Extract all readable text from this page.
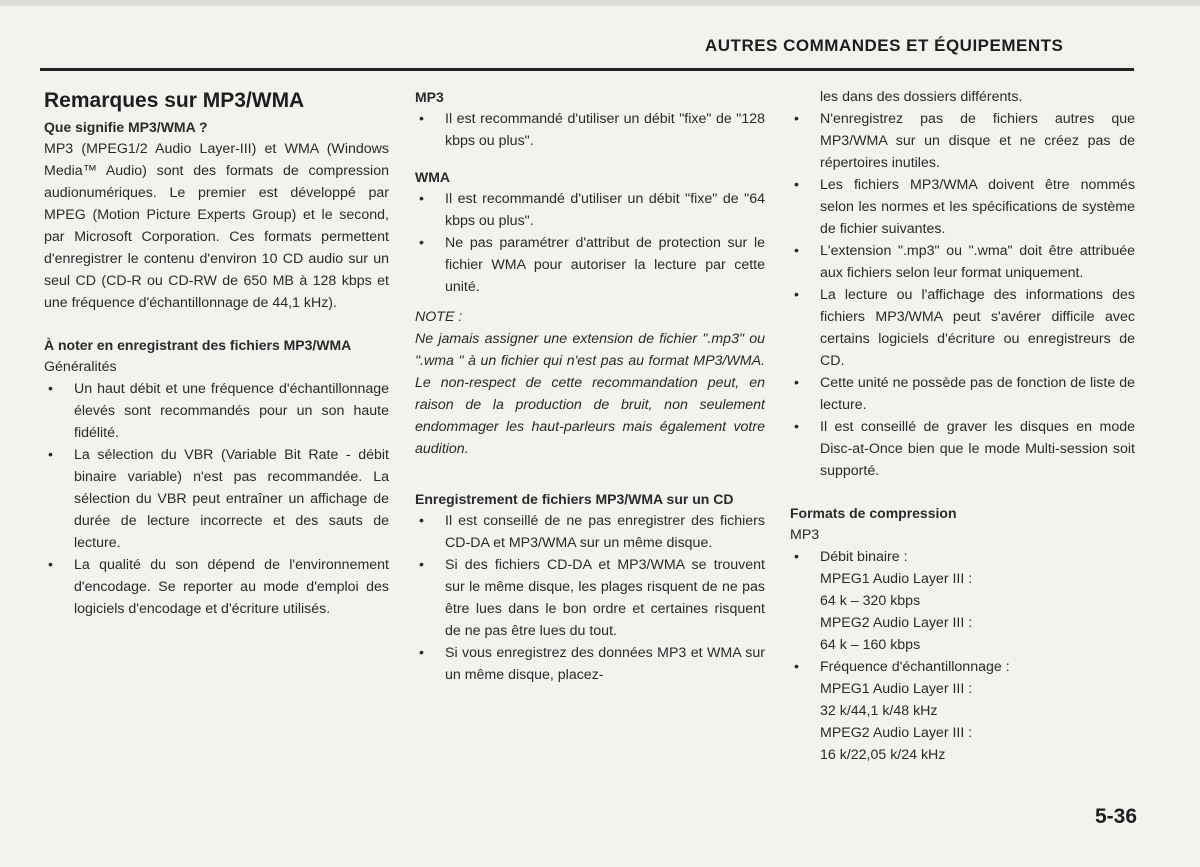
AUTRES COMMANDES ET ÉQUIPEMENTS
Remarques sur MP3/WMA
Que signifie MP3/WMA ?

MP3 (MPEG1/2 Audio Layer-III) et WMA (Windows Media™ Audio) sont des formats de compression audionumériques. Le premier est développé par MPEG (Motion Picture Experts Group) et le second, par Microsoft Corporation. Ces formats permettent d'enregistrer le contenu d'environ 10 CD audio sur un seul CD (CD-R ou CD-RW de 650 MB à 128 kbps et une fréquence d'échantillonnage de 44,1 kHz).

À noter en enregistrant des fichiers MP3/WMA
Généralités
• Un haut débit et une fréquence d'échantillonnage élevés sont recommandés pour un son haute fidélité.
• La sélection du VBR (Variable Bit Rate - débit binaire variable) n'est pas recommandée. La sélection du VBR peut entraîner un affichage de durée de lecture incorrecte et des sauts de lecture.
• La qualité du son dépend de l'environnement d'encodage. Se reporter au mode d'emploi des logiciels d'encodage et d'écriture utilisés.
MP3
• Il est recommandé d'utiliser un débit "fixe" de "128 kbps ou plus".
WMA
• Il est recommandé d'utiliser un débit "fixe" de "64 kbps ou plus".
• Ne pas paramétrer d'attribut de protection sur le fichier WMA pour autoriser la lecture par cette unité.
NOTE :

Ne jamais assigner une extension de fichier ".mp3" ou ".wma " à un fichier qui n'est pas au format MP3/WMA. Le non-respect de cette recommandation peut, en raison de la production de bruit, non seulement endommager les haut-parleurs mais également votre audition.

Enregistrement de fichiers MP3/WMA sur un CD
• Il est conseillé de ne pas enregistrer des fichiers CD-DA et MP3/WMA sur un même disque.
• Si des fichiers CD-DA et MP3/WMA se trouvent sur le même disque, les plages risquent de ne pas être lues dans le bon ordre et certaines risquent de ne pas être lues du tout.
• Si vous enregistrez des données MP3 et WMA sur un même disque, placez-
les dans des dossiers différents.
• N'enregistrez pas de fichiers autres que MP3/WMA sur un disque et ne créez pas de répertoires inutiles.
• Les fichiers MP3/WMA doivent être nommés selon les normes et les spécifications de système de fichier suivantes.
• L'extension ".mp3" ou ".wma" doit être attribuée aux fichiers selon leur format uniquement.
• La lecture ou l'affichage des informations des fichiers MP3/WMA peut s'avérer difficile avec certains logiciels d'écriture ou enregistreurs de CD.
• Cette unité ne possède pas de fonction de liste de lecture.
• Il est conseillé de graver les disques en mode Disc-at-Once bien que le mode Multi-session soit supporté.
Formats de compression
MP3
• Débit binaire :
MPEG1 Audio Layer III :
64 k – 320 kbps
MPEG2 Audio Layer III :
64 k – 160 kbps
• Fréquence d'échantillonnage :
MPEG1 Audio Layer III :
32 k/44,1 k/48 kHz
MPEG2 Audio Layer III :
16 k/22,05 k/24 kHz
5-36
